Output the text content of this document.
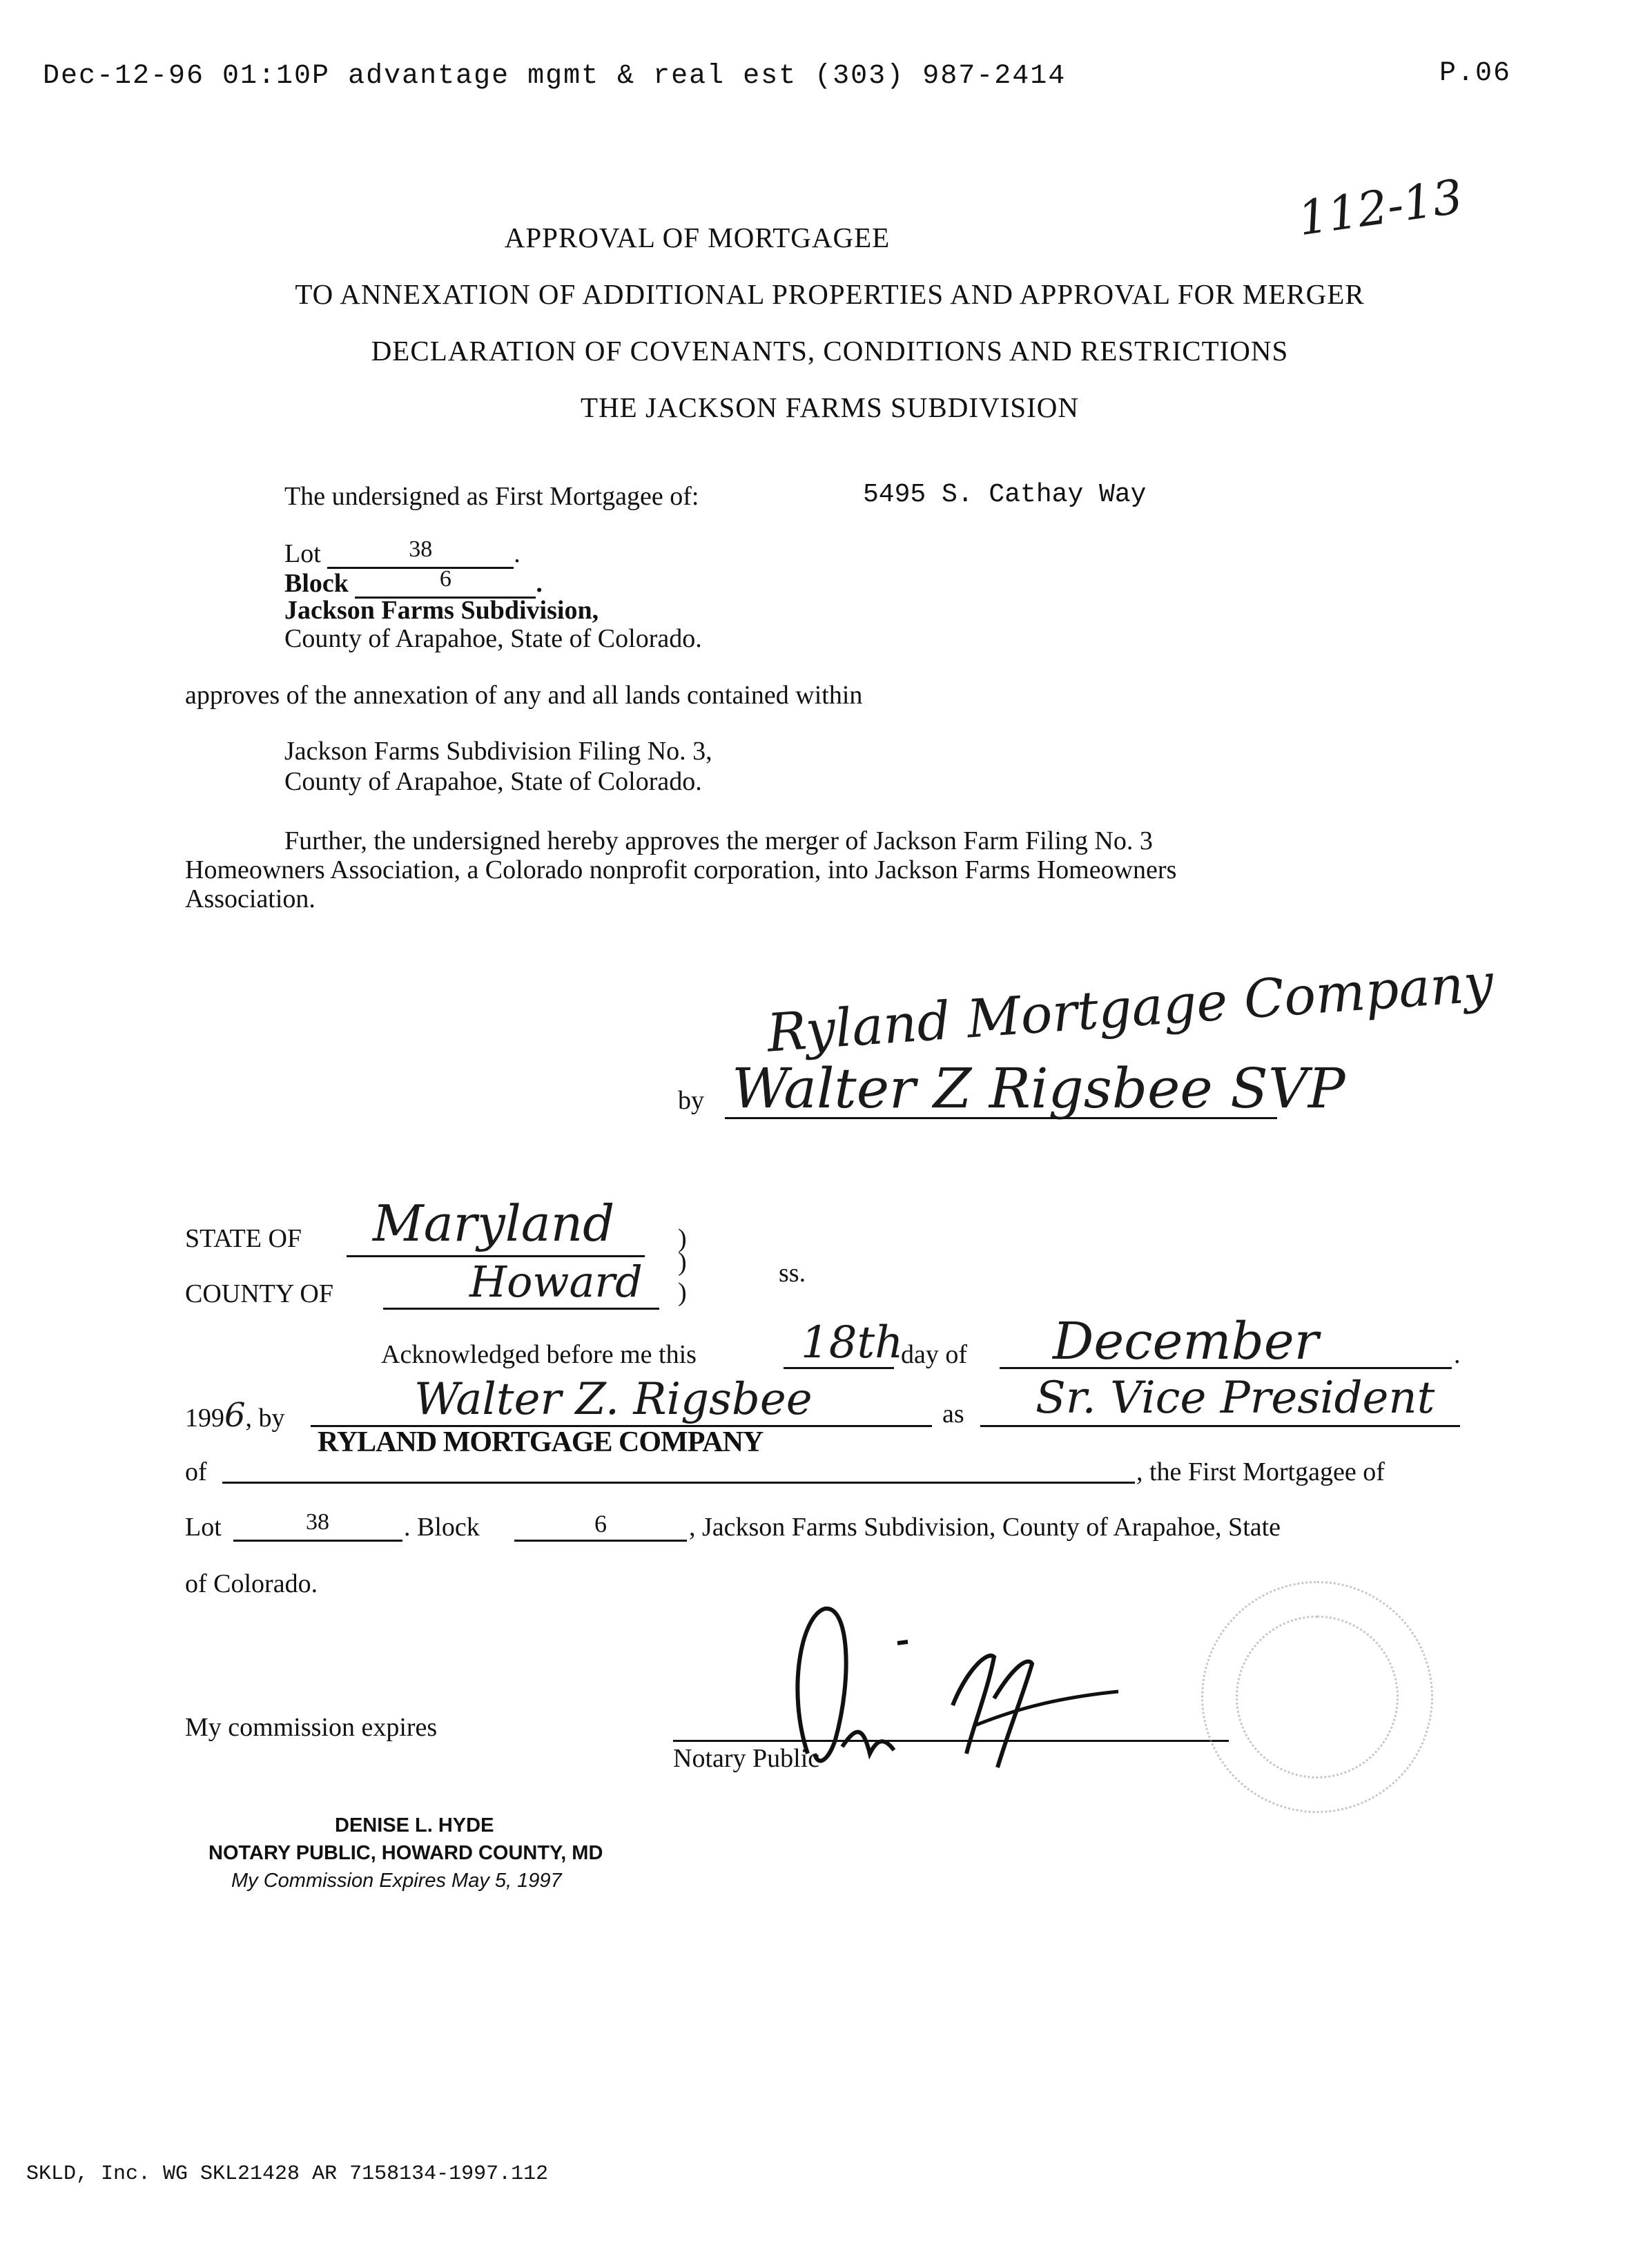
Dec-12-96 01:10P advantage mgmt & real est (303) 987-2414	P.06
112-13
APPROVAL OF MORTGAGEE
TO ANNEXATION OF ADDITIONAL PROPERTIES AND APPROVAL FOR MERGER
DECLARATION OF COVENANTS, CONDITIONS AND RESTRICTIONS
THE JACKSON FARMS SUBDIVISION
The undersigned as First Mortgagee of:	5495 S. Cathay Way
Lot	38	.
Block	6	.
Jackson Farms Subdivision,
County of Arapahoe, State of Colorado.
approves of the annexation of any and all lands contained within
Jackson Farms Subdivision Filing No. 3,
County of Arapahoe, State of Colorado.
Further, the undersigned hereby approves the merger of Jackson Farm Filing No. 3
Homeowners Association, a Colorado nonprofit corporation, into Jackson Farms Homeowners
Association.
Ryland Mortgage Company
by Walter Z Rigsbee SVP
STATE OF Maryland )
)	ss.
COUNTY OF	Howard )
Acknowledged before me this 18th
day of December	.
1996, by	Walter Z. Rigsbee	as Sr. Vice President
RYLAND MORTGAGE COMPANY
of	, the First Mortgagee of
Lot	38	. Block	6	, Jackson Farms Subdivision, County of Arapahoe, State
of Colorado.
My commission expires
Notary Public
DENISE L. HYDE
NOTARY PUBLIC, HOWARD COUNTY, MD
My Commission Expires May 5, 1997
SKLD, Inc. WG SKL21428 AR 7158134-1997.112
